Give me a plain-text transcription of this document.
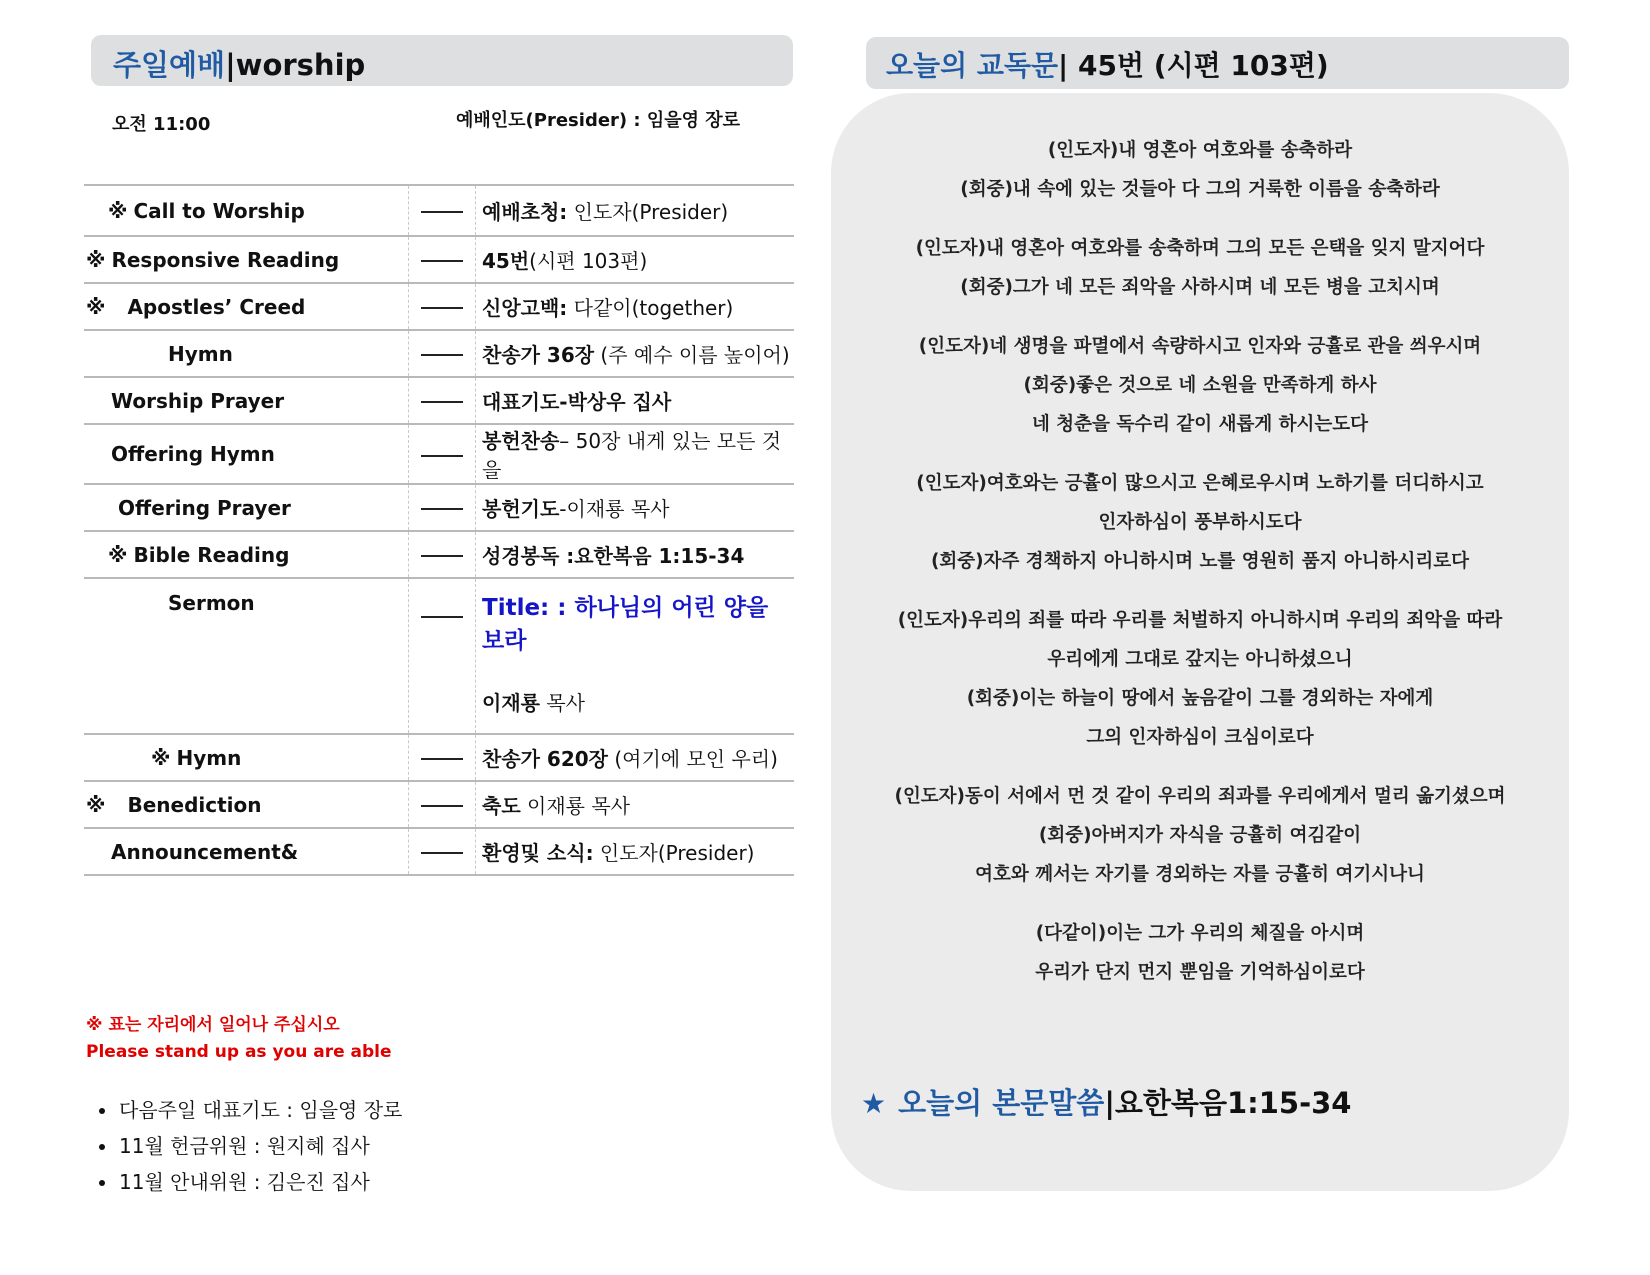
주일예배|worship
오전 11:00	예배인도(Presider) : 임을영 장로
※ Call to Worship		예배초청: 인도자(Presider)
※ Responsive Reading		45번(시편 103편)
※ Apostles’ Creed		신앙고백: 다같이(together)
Hymn		찬송가 36장 (주 예수 이름 높이어)
Worship Prayer		대표기도-박상우 집사
Offering Hymn		봉헌찬송– 50장 내게 있는 모든 것을
Offering Prayer		봉헌기도-이재룡 목사
※ Bible Reading		성경봉독 :요한복음 1:15-34
Sermon		Title: : 하나님의 어린 양을 보라
이재룡 목사

※ Hymn		찬송가 620장 (여기에 모인 우리)
※ Benediction		축도 이재룡 목사
Announcement&		환영및 소식: 인도자(Presider)
※ 표는 자리에서 일어나 주십시오
Please stand up as you are able
• 다음주일 대표기도 : 임을영 장로
• 11월 헌금위원 : 원지혜 집사
• 11월 안내위원 : 김은진 집사
오늘의 교독문| 45번 (시편 103편)
(인도자)내 영혼아 여호와를 송축하라
(회중)내 속에 있는 것들아 다 그의 거룩한 이름을 송축하라
(인도자)내 영혼아 여호와를 송축하며 그의 모든 은택을 잊지 말지어다
(회중)그가 네 모든 죄악을 사하시며 네 모든 병을 고치시며
(인도자)네 생명을 파멸에서 속량하시고 인자와 긍휼로 관을 씌우시며
(회중)좋은 것으로 네 소원을 만족하게 하사
네 청춘을 독수리 같이 새롭게 하시는도다
(인도자)여호와는 긍휼이 많으시고 은혜로우시며 노하기를 더디하시고
인자하심이 풍부하시도다
(회중)자주 경책하지 아니하시며 노를 영원히 품지 아니하시리로다
(인도자)우리의 죄를 따라 우리를 처벌하지 아니하시며 우리의 죄악을 따라
우리에게 그대로 갚지는 아니하셨으니
(회중)이는 하늘이 땅에서 높음같이 그를 경외하는 자에게
그의 인자하심이 크심이로다
(인도자)동이 서에서 먼 것 같이 우리의 죄과를 우리에게서 멀리 옮기셨으며
(회중)아버지가 자식을 긍휼히 여김같이
여호와 께서는 자기를 경외하는 자를 긍휼히 여기시나니
(다같이)이는 그가 우리의 체질을 아시며
우리가 단지 먼지 뿐임을 기억하심이로다
★ 오늘의 본문말씀|요한복음1:15-34
